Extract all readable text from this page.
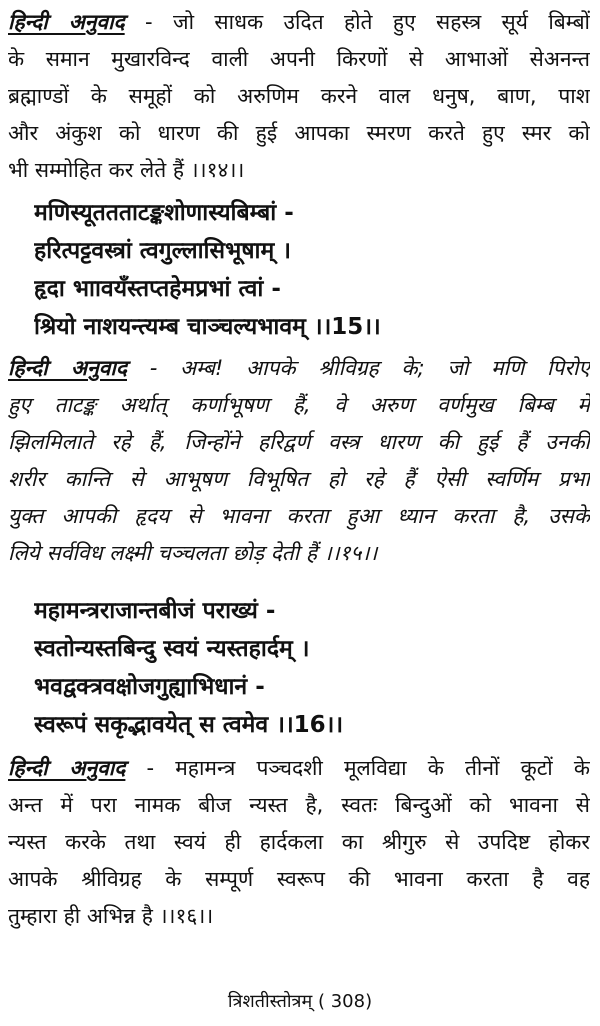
हिन्दी अनुवाद - जो साधक उदित होते हुए सहस्त्र सूर्य बिम्बों
के समान मुखारविन्द वाली अपनी किरणों से आभाओं सेअनन्त
ब्रह्माण्डों के समूहों को अरुणिम करने वाल धनुष, बाण, पाश
और अंकुश को धारण की हुई आपका स्मरण करते हुए स्मर को
भी सम्मोहित कर लेते हैं ।।१४।।
मणिस्यूततताटङ्कशोणास्यबिम्बां -
हरित्पट्टवस्त्रां त्वगुल्लासिभूषाम् ।
हृदा भाावयँस्तप्तहेमप्रभां त्वां -
श्रियो नाशयन्त्यम्ब चाञ्चल्यभावम् ।।15।।
हिन्दी अनुवाद - अम्ब! आपके श्रीविग्रह के; जो मणि पिरोए
हुए ताटङ्क अर्थात् कर्णाभूषण हैं, वे अरुण वर्णमुख बिम्ब में
झिलमिलाते रहे हैं, जिन्होंने हरिद्वर्ण वस्त्र धारण की हुई हैं उनकी
शरीर कान्ति से आभूषण विभूषित हो रहे हैं ऐसी स्वर्णिम प्रभा
युक्त आपकी हृदय से भावना करता हुआ ध्यान करता है, उसके
लिये सर्वविध लक्ष्मी चञ्चलता छोड़ देती हैं ।।१५।।
महामन्त्रराजान्तबीजं पराख्यं -
स्वतोन्यस्तबिन्दु स्वयं न्यस्तहार्दम् ।
भवद्वक्त्रवक्षोजगुह्याभिधानं -
स्वरूपं सकृद्भावयेत् स त्वमेव ।।16।।
हिन्दी अनुवाद - महामन्त्र पञ्चदशी मूलविद्या के तीनों कूटों के
अन्त में परा नामक बीज न्यस्त है, स्वतः बिन्दुओं को भावना से
न्यस्त करके तथा स्वयं ही हार्दकला का श्रीगुरु से उपदिष्ट होकर
आपके श्रीविग्रह के सम्पूर्ण स्वरूप की भावना करता है वह
तुम्हारा ही अभिन्न है ।।१६।।
त्रिशतीस्तोत्रम् ( 308)
